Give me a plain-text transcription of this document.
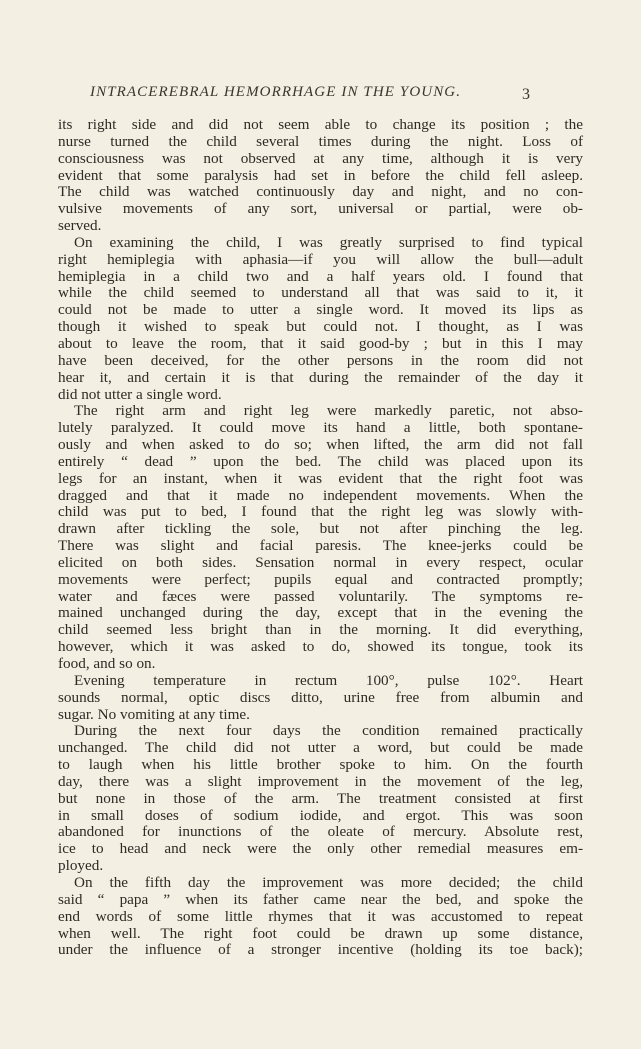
INTRACEREBRAL HEMORRHAGE IN THE YOUNG.	3
its right side and did not seem able to change its position ; the
nurse turned the child several times during the night. Loss of
consciousness was not observed at any time, although it is very
evident that some paralysis had set in before the child fell asleep.
The child was watched continuously day and night, and no con-
vulsive movements of any sort, universal or partial, were ob-
served.
On examining the child, I was greatly surprised to find typical
right hemiplegia with aphasia—if you will allow the bull—adult
hemiplegia in a child two and a half years old. I found that
while the child seemed to understand all that was said to it, it
could not be made to utter a single word. It moved its lips as
though it wished to speak but could not. I thought, as I was
about to leave the room, that it said good-by ; but in this I may
have been deceived, for the other persons in the room did not
hear it, and certain it is that during the remainder of the day it
did not utter a single word.
The right arm and right leg were markedly paretic, not abso-
lutely paralyzed. It could move its hand a little, both spontane-
ously and when asked to do so; when lifted, the arm did not fall
entirely “ dead ” upon the bed. The child was placed upon its
legs for an instant, when it was evident that the right foot was
dragged and that it made no independent movements. When the
child was put to bed, I found that the right leg was slowly with-
drawn after tickling the sole, but not after pinching the leg.
There was slight and facial paresis. The knee-jerks could be
elicited on both sides. Sensation normal in every respect, ocular
movements were perfect; pupils equal and contracted promptly;
water and fæces were passed voluntarily. The symptoms re-
mained unchanged during the day, except that in the evening the
child seemed less bright than in the morning. It did everything,
however, which it was asked to do, showed its tongue, took its
food, and so on.
Evening temperature in rectum 100°, pulse 102°. Heart
sounds normal, optic discs ditto, urine free from albumin and
sugar. No vomiting at any time.
During the next four days the condition remained practically
unchanged. The child did not utter a word, but could be made
to laugh when his little brother spoke to him. On the fourth
day, there was a slight improvement in the movement of the leg,
but none in those of the arm. The treatment consisted at first
in small doses of sodium iodide, and ergot. This was soon
abandoned for inunctions of the oleate of mercury. Absolute rest,
ice to head and neck were the only other remedial measures em-
ployed.
On the fifth day the improvement was more decided; the child
said “ papa ” when its father came near the bed, and spoke the
end words of some little rhymes that it was accustomed to repeat
when well. The right foot could be drawn up some distance,
under the influence of a stronger incentive (holding its toe back);
